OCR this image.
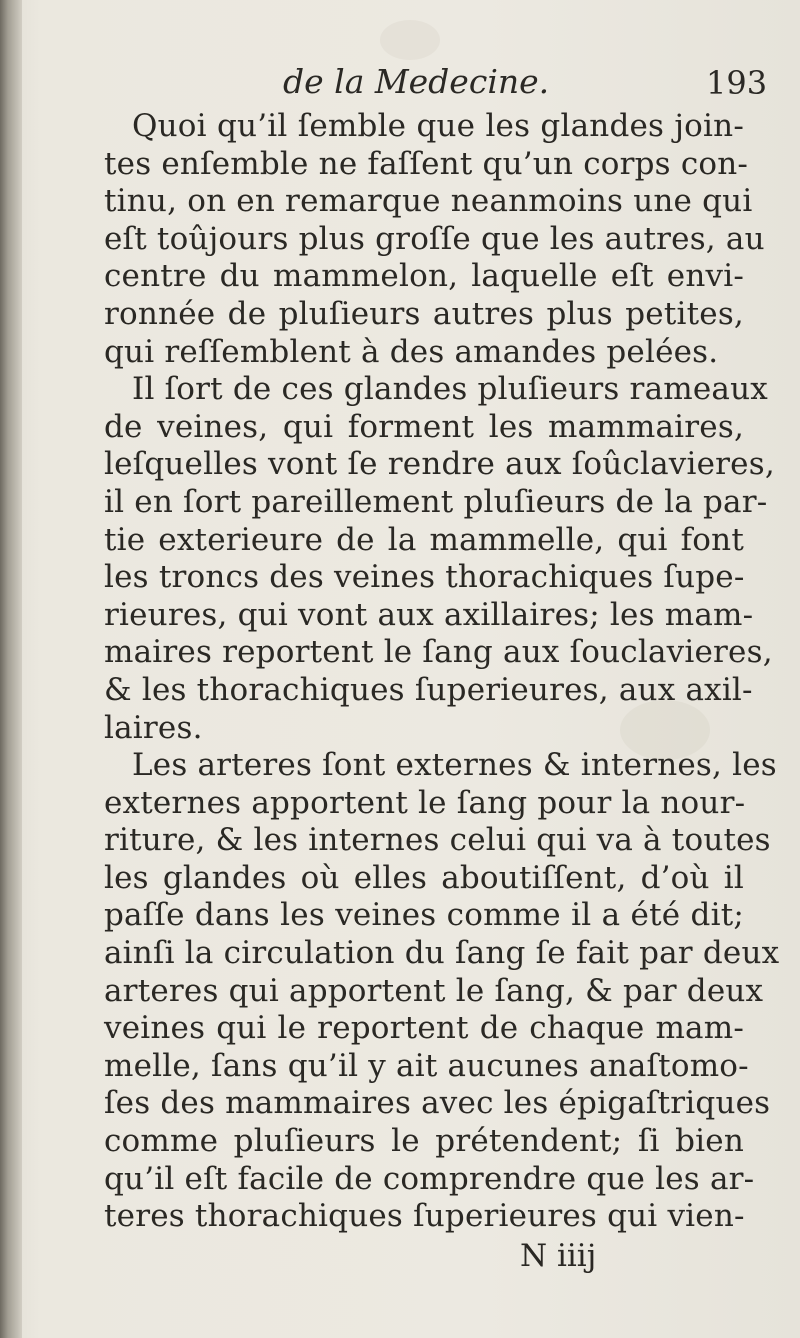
de la Medecine.	193
Quoi qu’il ſemble que les glandes join-
tes enſemble ne faſſent qu’un corps con-
tinu, on en remarque neanmoins une qui
eſt toûjours plus groſſe que les autres, au
centre du mammelon, laquelle eſt envi-
ronnée de pluſieurs autres plus petites,
qui reſſemblent à des amandes pelées.
Il ſort de ces glandes pluſieurs rameaux
de veines, qui forment les mammaires,
leſquelles vont ſe rendre aux ſoûclavieres,
il en ſort pareillement pluſieurs de la par-
tie exterieure de la mammelle, qui font
les troncs des veines thorachiques ſupe-
rieures, qui vont aux axillaires; les mam-
maires reportent le ſang aux ſouclavieres,
& les thorachiques ſuperieures, aux axil-
laires.
Les arteres ſont externes & internes, les
externes apportent le ſang pour la nour-
riture, & les internes celui qui va à toutes
les glandes où elles aboutiſſent, d’où il
paſſe dans les veines comme il a été dit;
ainſi la circulation du ſang ſe fait par deux
arteres qui apportent le ſang, & par deux
veines qui le reportent de chaque mam-
melle, ſans qu’il y ait aucunes anaſtomo-
ſes des mammaires avec les épigaſtriques
comme pluſieurs le prétendent; ſi bien
qu’il eſt facile de comprendre que les ar-
teres thorachiques ſuperieures qui vien-
N iiij
